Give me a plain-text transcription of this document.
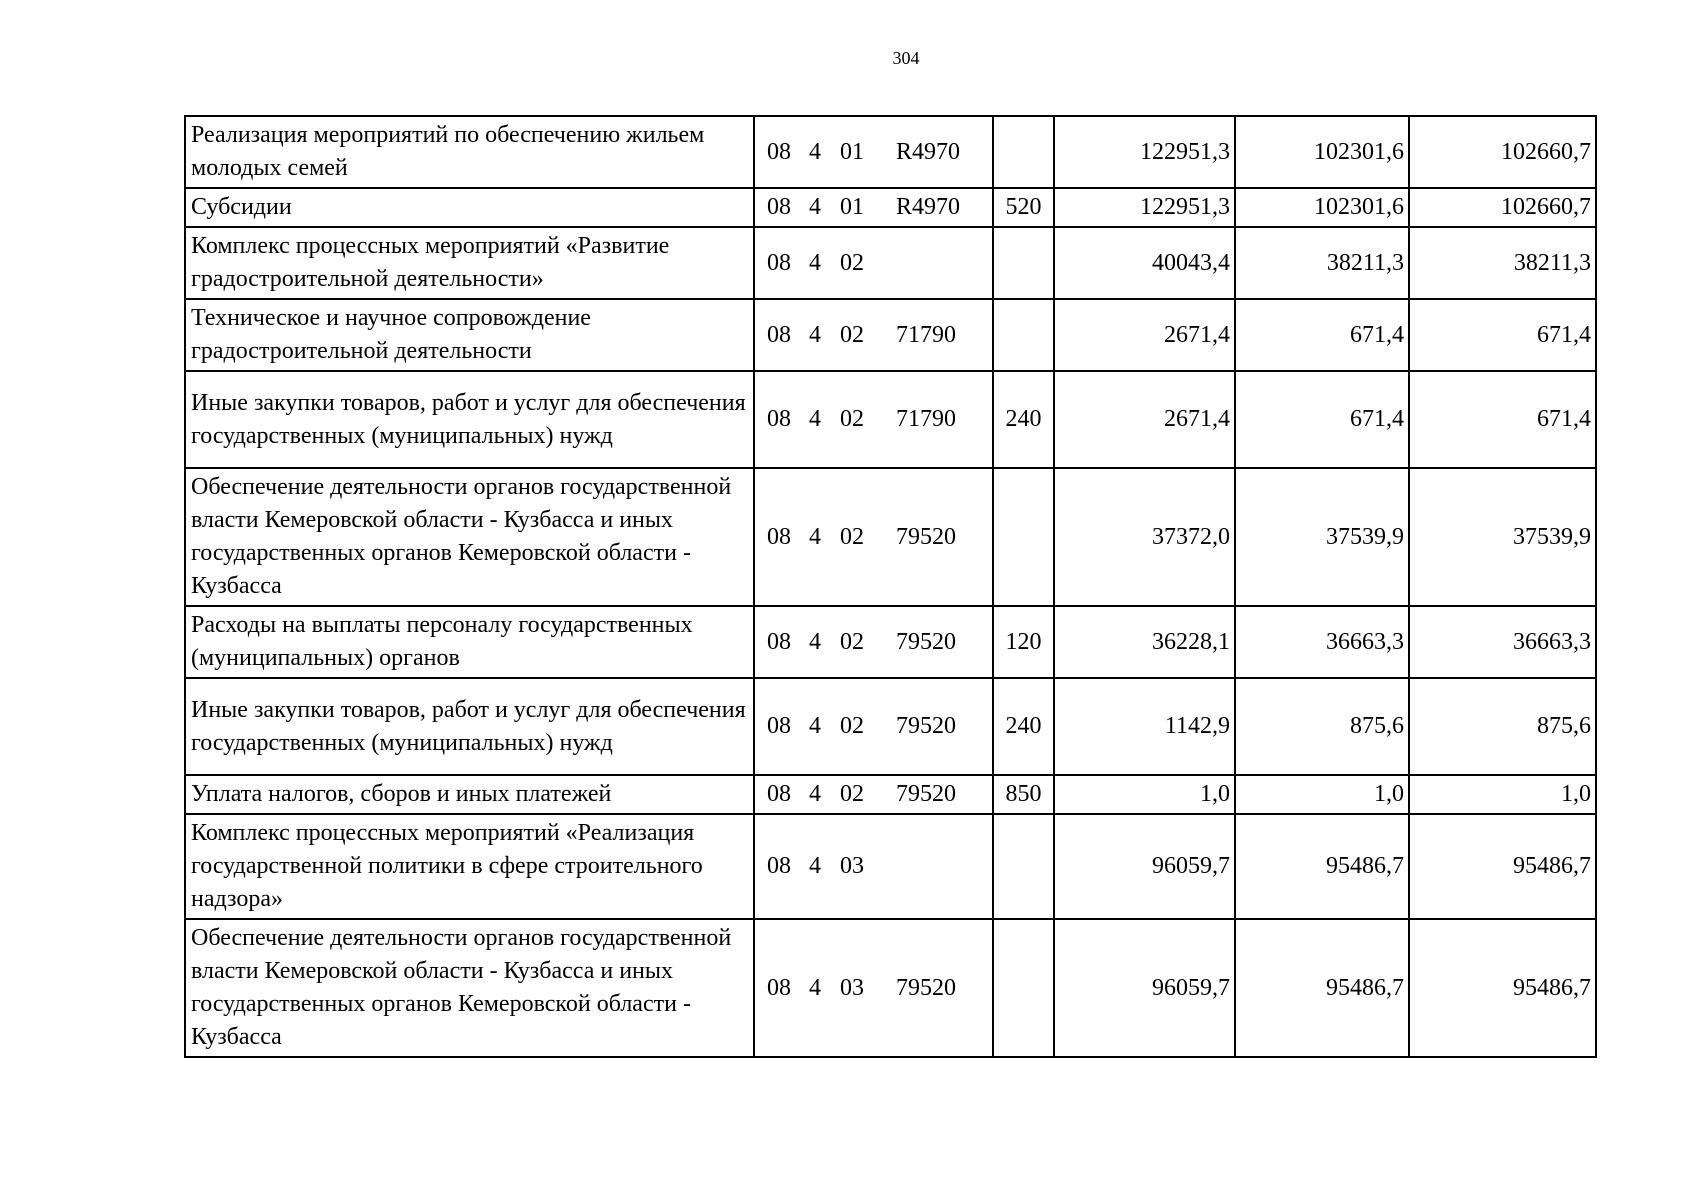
304
Реализация мероприятий по обеспечению жильем молодых семей	08 4 01 R4970		122951,3	102301,6	102660,7
Субсидии	08 4 01 R4970	520	122951,3	102301,6	102660,7
Комплекс процессных мероприятий «Развитие градостроительной деятельности»	08 4 02		40043,4	38211,3	38211,3
Техническое и научное сопровождение градостроительной деятельности	08 4 02 71790		2671,4	671,4	671,4
Иные закупки товаров, работ и услуг для обеспечения государственных (муниципальных) нужд	08 4 02 71790	240	2671,4	671,4	671,4
Обеспечение деятельности органов государственной власти Кемеровской области - Кузбасса и иных государственных органов Кемеровской области - Кузбасса	08 4 02 79520		37372,0	37539,9	37539,9
Расходы на выплаты персоналу государственных (муниципальных) органов	08 4 02 79520	120	36228,1	36663,3	36663,3
Иные закупки товаров, работ и услуг для обеспечения государственных (муниципальных) нужд	08 4 02 79520	240	1142,9	875,6	875,6
Уплата налогов, сборов и иных платежей	08 4 02 79520	850	1,0	1,0	1,0
Комплекс процессных мероприятий «Реализация государственной политики в сфере строительного надзора»	08 4 03		96059,7	95486,7	95486,7
Обеспечение деятельности органов государственной власти Кемеровской области - Кузбасса и иных государственных органов Кемеровской области - Кузбасса	08 4 03 79520		96059,7	95486,7	95486,7
